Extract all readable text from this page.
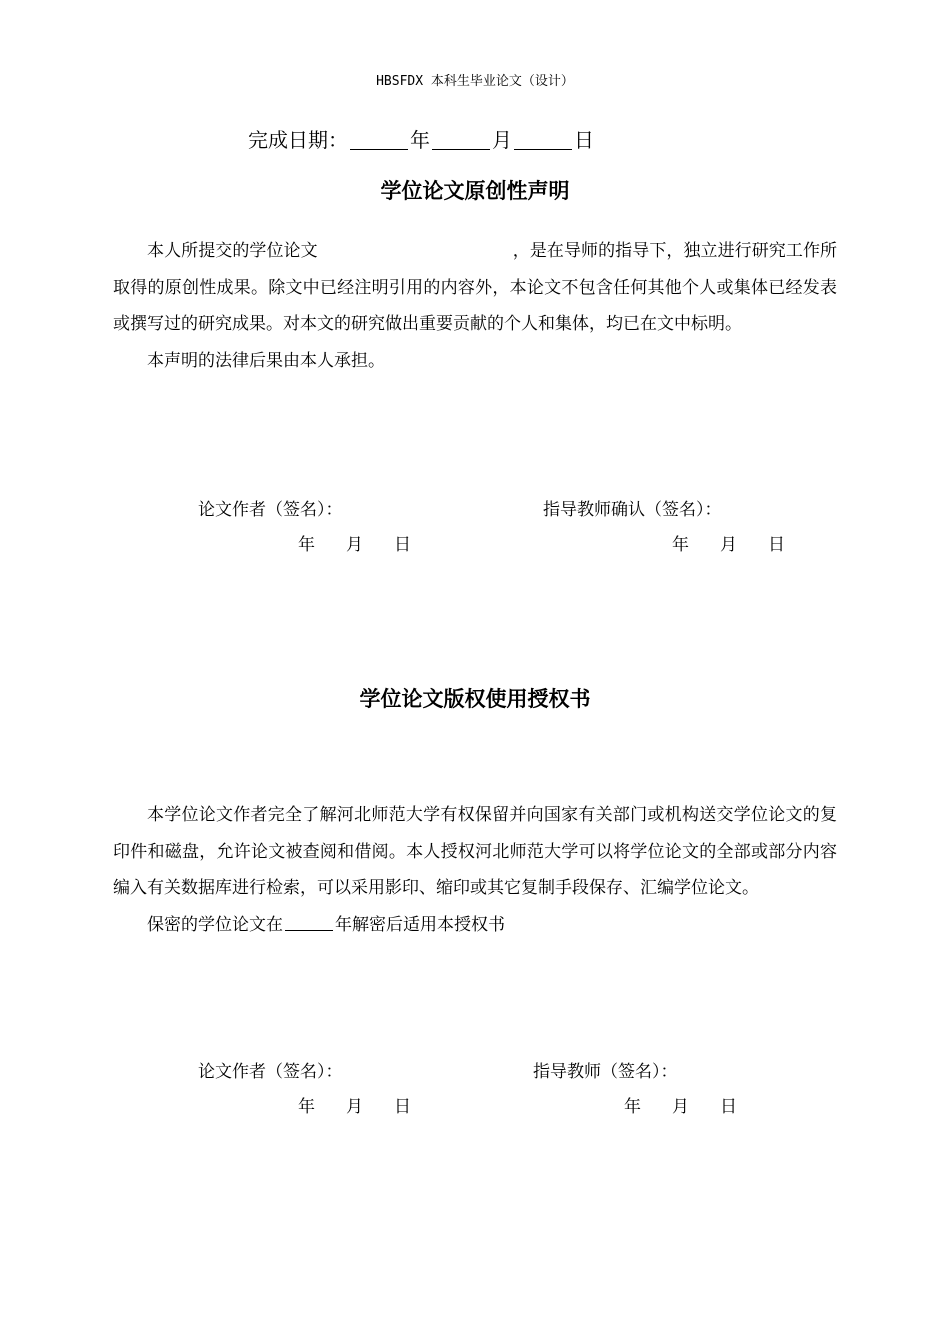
HBSFDX 本科生毕业论文（设计）
完成日期：	年	月	日
学位论文原创性声明

本人所提交的学位论文	，是在导师的指导下，独立进行研究工作所取得的原创性成果。除文中已经注明引用的内容外，本论文不包含任何其他个人或集体已经发表或撰写过的研究成果。对本文的研究做出重要贡献的个人和集体，均已在文中标明。

本声明的法律后果由本人承担。

论文作者（签名）：	指导教师确认（签名）：
年 月 日	年 月 日
学位论文版权使用授权书

本学位论文作者完全了解河北师范大学有权保留并向国家有关部门或机构送交学位论文的复印件和磁盘，允许论文被查阅和借阅。本人授权河北师范大学可以将学位论文的全部或部分内容编入有关数据库进行检索，可以采用影印、缩印或其它复制手段保存、汇编学位论文。

保密的学位论文在	年解密后适用本授权书

论文作者（签名）：	指导教师（签名）：
年 月 日	年 月 日
